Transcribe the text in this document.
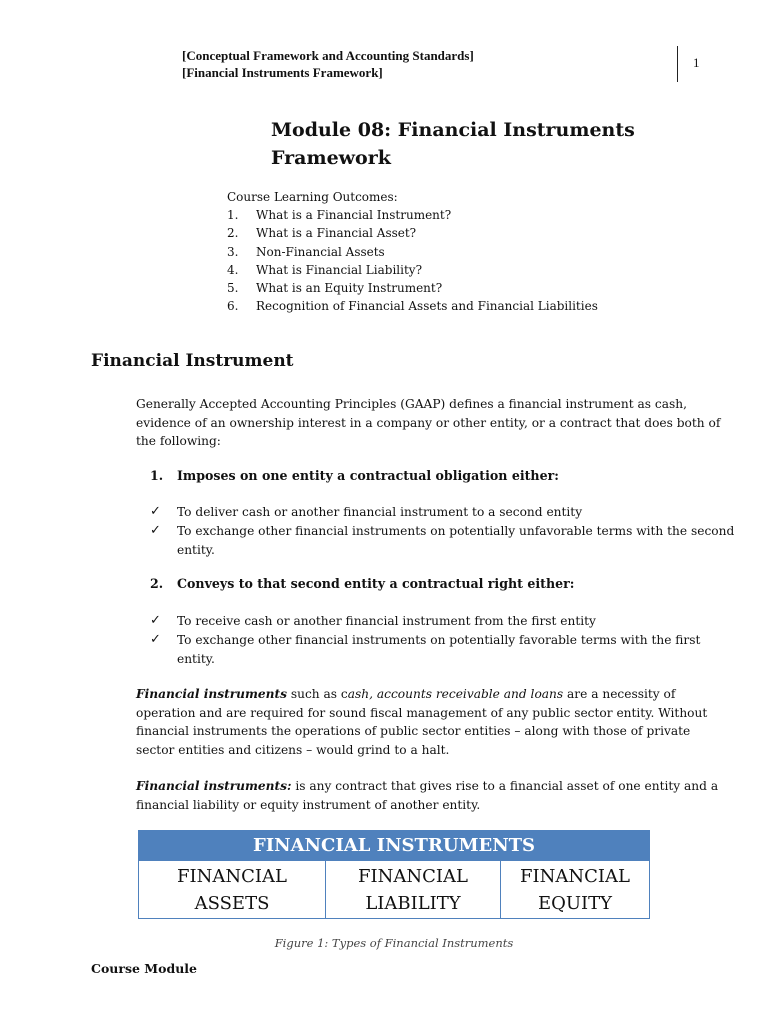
[Conceptual Framework and Accounting Standards]
[Financial Instruments Framework]
1
Module 08: Financial Instruments Framework
Course Learning Outcomes:
1. What is a Financial Instrument?
2. What is a Financial Asset?
3. Non-Financial Assets
4. What is Financial Liability?
5. What is an Equity Instrument?
6. Recognition of Financial Assets and Financial Liabilities
Financial Instrument
Generally Accepted Accounting Principles (GAAP) defines a financial instrument as cash, evidence of an ownership interest in a company or other entity, or a contract that does both of the following:
1. Imposes on one entity a contractual obligation either:
✓ To deliver cash or another financial instrument to a second entity
✓ To exchange other financial instruments on potentially unfavorable terms with the second entity.
2. Conveys to that second entity a contractual right either:
✓ To receive cash or another financial instrument from the first entity
✓ To exchange other financial instruments on potentially favorable terms with the first entity.
Financial instruments such as cash, accounts receivable and loans are a necessity of operation and are required for sound fiscal management of any public sector entity. Without financial instruments the operations of public sector entities – along with those of private sector entities and citizens – would grind to a halt.
Financial instruments: is any contract that gives rise to a financial asset of one entity and a financial liability or equity instrument of another entity.
FINANCIAL INSTRUMENTS

FINANCIAL
ASSETS

FINANCIAL
LIABILITY

FINANCIAL
EQUITY
Figure 1: Types of Financial Instruments
Course Module
